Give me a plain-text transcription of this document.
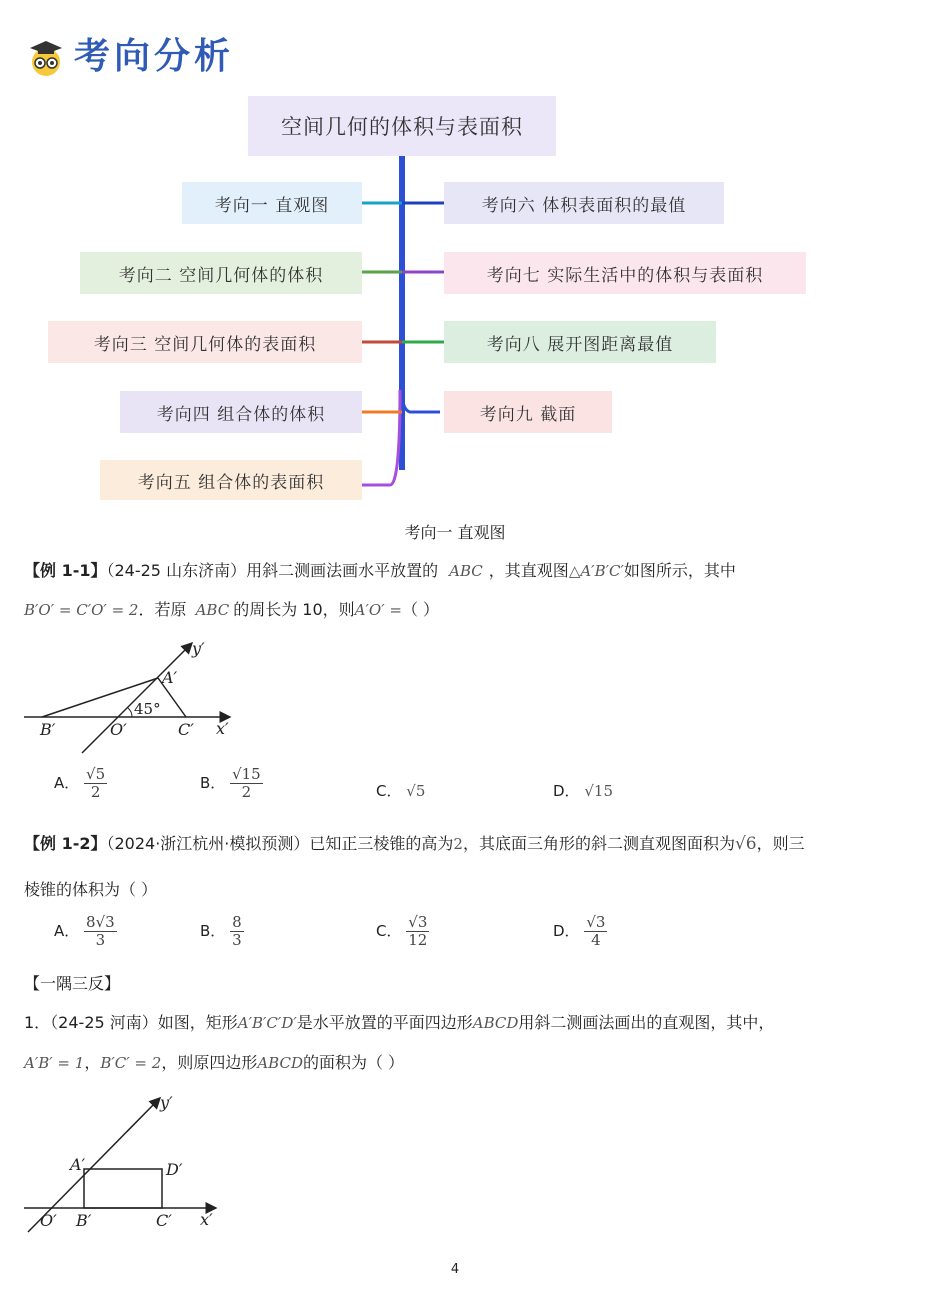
考向分析
空间几何的体积与表面积
考向一 直观图
考向二 空间几何体的体积
考向三 空间几何体的表面积
考向四 组合体的体积
考向五 组合体的表面积
考向六 体积表面积的最值
考向七 实际生活中的体积与表面积
考向八 展开图距离最值
考向九 截面
考向一 直观图
【例 1-1】（24-25 山东济南）用斜二测画法画水平放置的 ABC ，其直观图△A′B′C′如图所示，其中
B′O′ = C′O′ = 2．若原 ABC 的周长为 10，则A′O′ =（ ）
y′
A′
45°
B′	O′	C′ x′
A． $\frac{√5}{2}$	B． $\frac{√15}{2}$	C． √5	D． √15
【例 1-2】（2024·浙江杭州·模拟预测）已知正三棱锥的高为2，其底面三角形的斜二测直观图面积为√6，则三
棱锥的体积为（ ）
A． $\frac{8√3}{3}$	B． $\frac{8}{3}$	C． $\frac{√3}{12}$	D． $\frac{√3}{4}$
【一隅三反】
1．（24-25 河南）如图，矩形A′B′C′D′是水平放置的平面四边形ABCD用斜二测画法画出的直观图，其中，
A′B′ = 1，B′C′ = 2，则原四边形ABCD的面积为（ ）
y′
A′	D′
O′ B′	C′ x′
4
